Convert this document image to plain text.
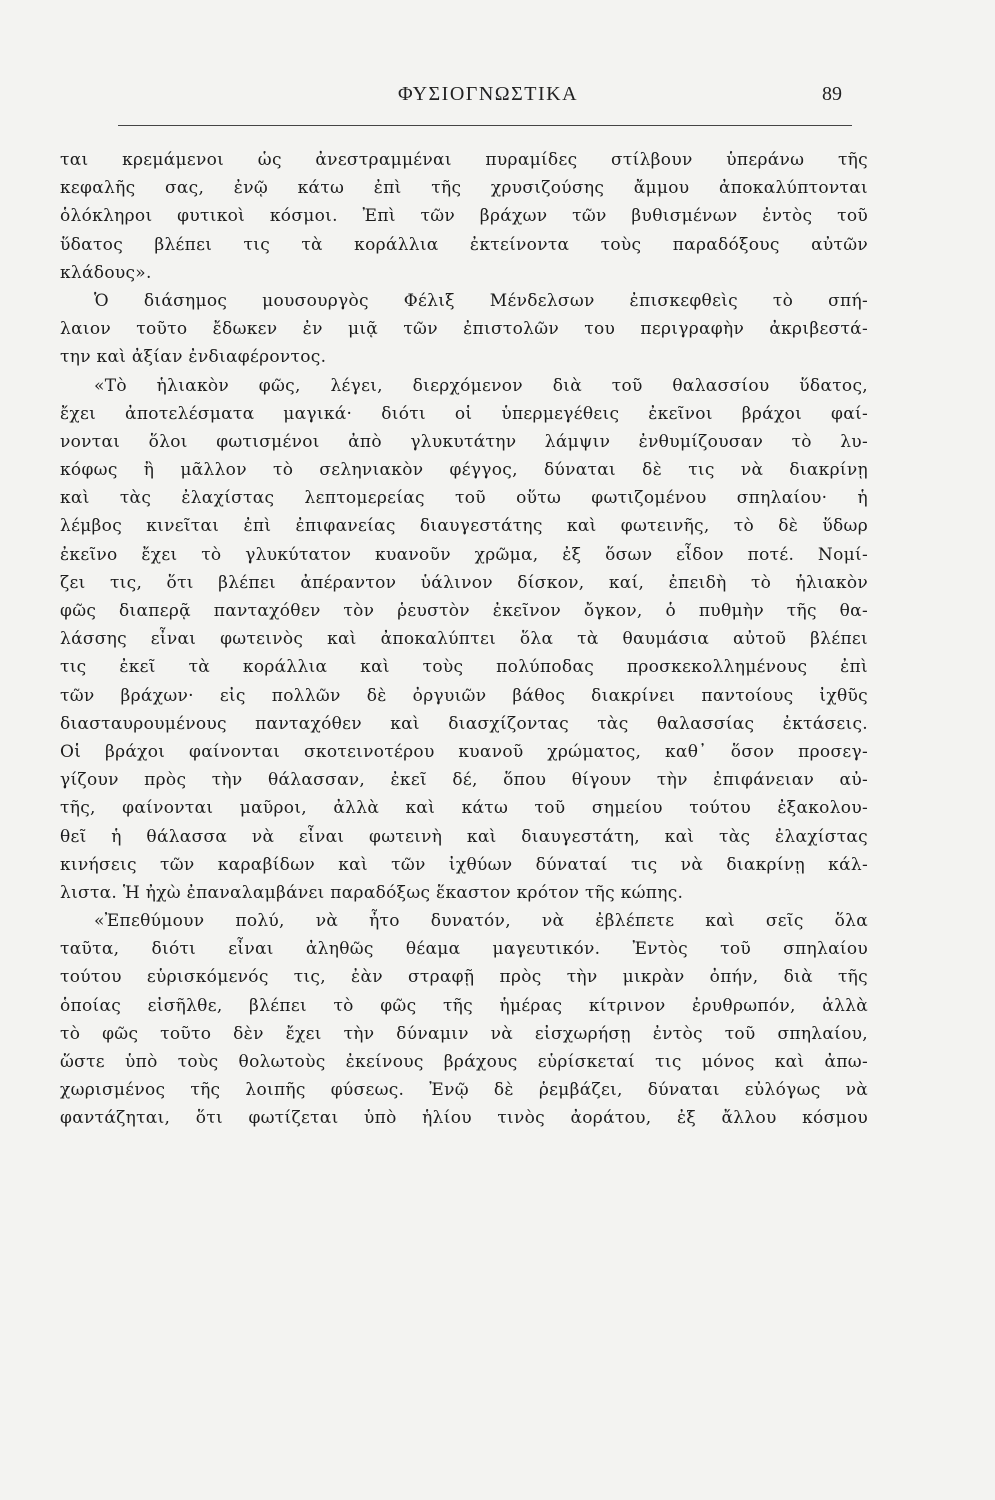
ΦΥΣΙΟΓΝΩΣΤΙΚΑ	89
ται κρεμάμενοι ὡς ἀνεστραμμέναι πυραμίδες στίλβουν ὑπεράνω τῆς
κεφαλῆς σας, ἐνῷ κάτω ἐπὶ τῆς χρυσιζούσης ἄμμου ἀποκαλύπτονται
ὁλόκληροι φυτικοὶ κόσμοι. Ἐπὶ τῶν βράχων τῶν βυθισμένων ἐντὸς τοῦ
ὕδατος βλέπει τις τὰ κοράλλια ἐκτείνοντα τοὺς παραδόξους αὐτῶν
κλάδους».
Ὁ διάσημος μουσουργὸς Φέλιξ Μένδελσων ἐπισκεφθεὶς τὸ σπή-
λαιον τοῦτο ἔδωκεν ἐν μιᾷ τῶν ἐπιστολῶν του περιγραφὴν ἀκριβεστά-
την καὶ ἀξίαν ἐνδιαφέροντος.
«Τὸ ἡλιακὸν φῶς, λέγει, διερχόμενον διὰ τοῦ θαλασσίου ὕδατος,
ἔχει ἀποτελέσματα μαγικά· διότι οἱ ὑπερμεγέθεις ἐκεῖνοι βράχοι φαί-
νονται ὅλοι φωτισμένοι ἀπὸ γλυκυτάτην λάμψιν ἐνθυμίζουσαν τὸ λυ-
κόφως ἢ μᾶλλον τὸ σεληνιακὸν φέγγος, δύναται δὲ τις νὰ διακρίνῃ
καὶ τὰς ἐλαχίστας λεπτομερείας τοῦ οὕτω φωτιζομένου σπηλαίου· ἡ
λέμβος κινεῖται ἐπὶ ἐπιφανείας διαυγεστάτης καὶ φωτεινῆς, τὸ δὲ ὕδωρ
ἐκεῖνο ἔχει τὸ γλυκύτατον κυανοῦν χρῶμα, ἐξ ὅσων εἶδον ποτέ. Νομί-
ζει τις, ὅτι βλέπει ἀπέραντον ὑάλινον δίσκον, καί, ἐπειδὴ τὸ ἡλιακὸν
φῶς διαπερᾷ πανταχόθεν τὸν ῥευστὸν ἐκεῖνον ὄγκον, ὁ πυθμὴν τῆς θα-
λάσσης εἶναι φωτεινὸς καὶ ἀποκαλύπτει ὅλα τὰ θαυμάσια αὐτοῦ βλέπει
τις ἐκεῖ τὰ κοράλλια καὶ τοὺς πολύποδας προσκεκολλημένους ἐπὶ
τῶν βράχων· εἰς πολλῶν δὲ ὀργυιῶν βάθος διακρίνει παντοίους ἰχθῦς
διασταυρουμένους πανταχόθεν καὶ διασχίζοντας τὰς θαλασσίας ἐκτάσεις.
Οἱ βράχοι φαίνονται σκοτεινοτέρου κυανοῦ χρώματος, καθ᾽ ὅσον προσεγ-
γίζουν πρὸς τὴν θάλασσαν, ἐκεῖ δέ, ὅπου θίγουν τὴν ἐπιφάνειαν αὐ-
τῆς, φαίνονται μαῦροι, ἀλλὰ καὶ κάτω τοῦ σημείου τούτου ἐξακολου-
θεῖ ἡ θάλασσα νὰ εἶναι φωτεινὴ καὶ διαυγεστάτη, καὶ τὰς ἐλαχίστας
κινήσεις τῶν καραβίδων καὶ τῶν ἰχθύων δύναταί τις νὰ διακρίνῃ κάλ-
λιστα. Ἡ ἠχὼ ἐπαναλαμβάνει παραδόξως ἕκαστον κρότον τῆς κώπης.
«Ἐπεθύμουν πολύ, νὰ ἦτο δυνατόν, νὰ ἐβλέπετε καὶ σεῖς ὅλα
ταῦτα, διότι εἶναι ἀληθῶς θέαμα μαγευτικόν. Ἐντὸς τοῦ σπηλαίου
τούτου εὑρισκόμενός τις, ἐὰν στραφῇ πρὸς τὴν μικρὰν ὀπήν, διὰ τῆς
ὁποίας εἰσῆλθε, βλέπει τὸ φῶς τῆς ἡμέρας κίτρινον ἐρυθρωπόν, ἀλλὰ
τὸ φῶς τοῦτο δὲν ἔχει τὴν δύναμιν νὰ εἰσχωρήσῃ ἐντὸς τοῦ σπηλαίου,
ὥστε ὑπὸ τοὺς θολωτοὺς ἐκείνους βράχους εὑρίσκεταί τις μόνος καὶ ἀπω-
χωρισμένος τῆς λοιπῆς φύσεως. Ἐνῷ δὲ ῥεμβάζει, δύναται εὐλόγως νὰ
φαντάζηται, ὅτι φωτίζεται ὑπὸ ἡλίου τινὸς ἀοράτου, ἐξ ἄλλου κόσμου
